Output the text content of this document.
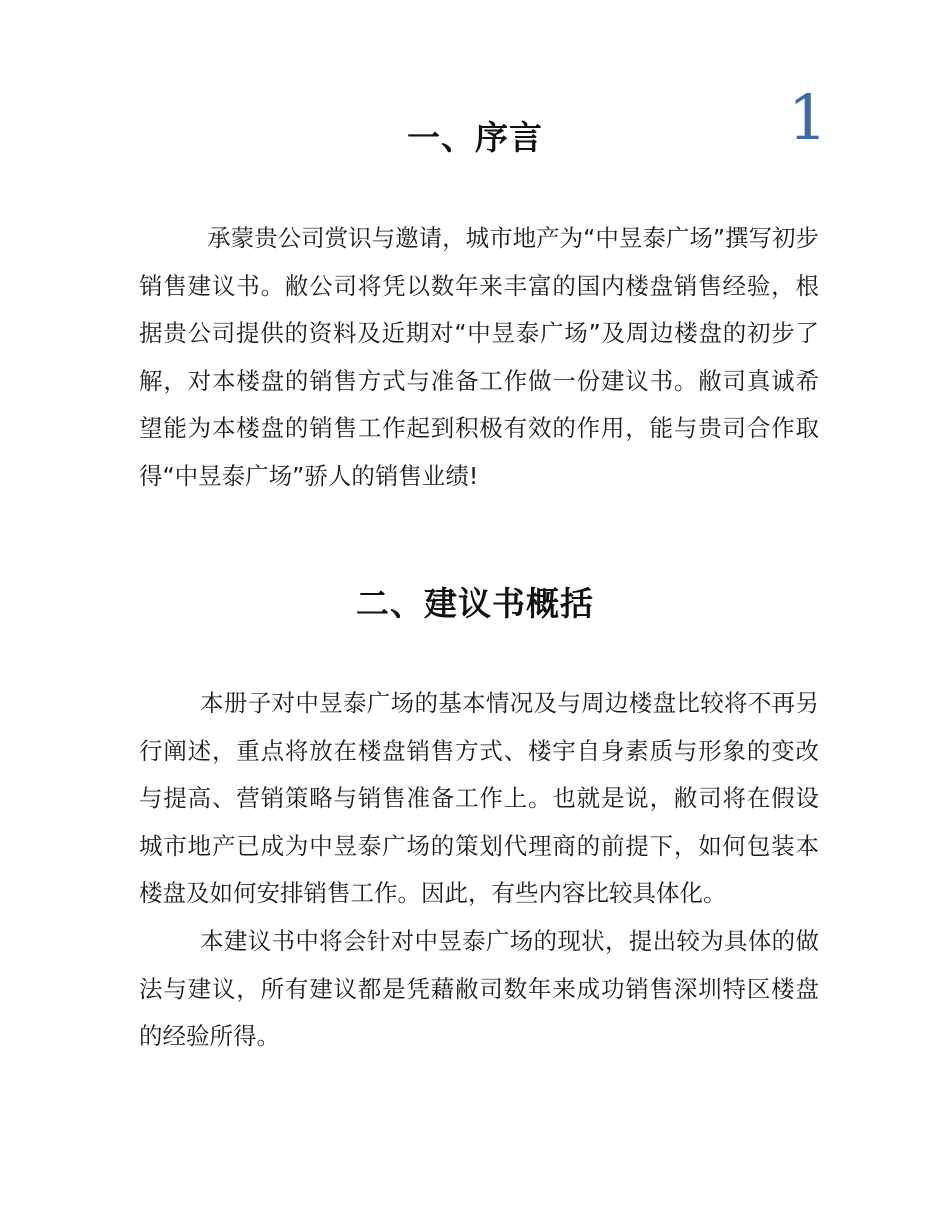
1
一、序言

承蒙贵公司赏识与邀请，城市地产为“中昱泰广场”撰写初步销售建议书。敝公司将凭以数年来丰富的国内楼盘销售经验，根据贵公司提供的资料及近期对“中昱泰广场”及周边楼盘的初步了解，对本楼盘的销售方式与准备工作做一份建议书。敝司真诚希望能为本楼盘的销售工作起到积极有效的作用，能与贵司合作取得“中昱泰广场”骄人的销售业绩!

二、建议书概括

本册子对中昱泰广场的基本情况及与周边楼盘比较将不再另行阐述，重点将放在楼盘销售方式、楼宇自身素质与形象的变改与提高、营销策略与销售准备工作上。也就是说，敝司将在假设城市地产已成为中昱泰广场的策划代理商的前提下，如何包装本楼盘及如何安排销售工作。因此，有些内容比较具体化。

本建议书中将会针对中昱泰广场的现状，提出较为具体的做法与建议，所有建议都是凭藉敝司数年来成功销售深圳特区楼盘的经验所得。
